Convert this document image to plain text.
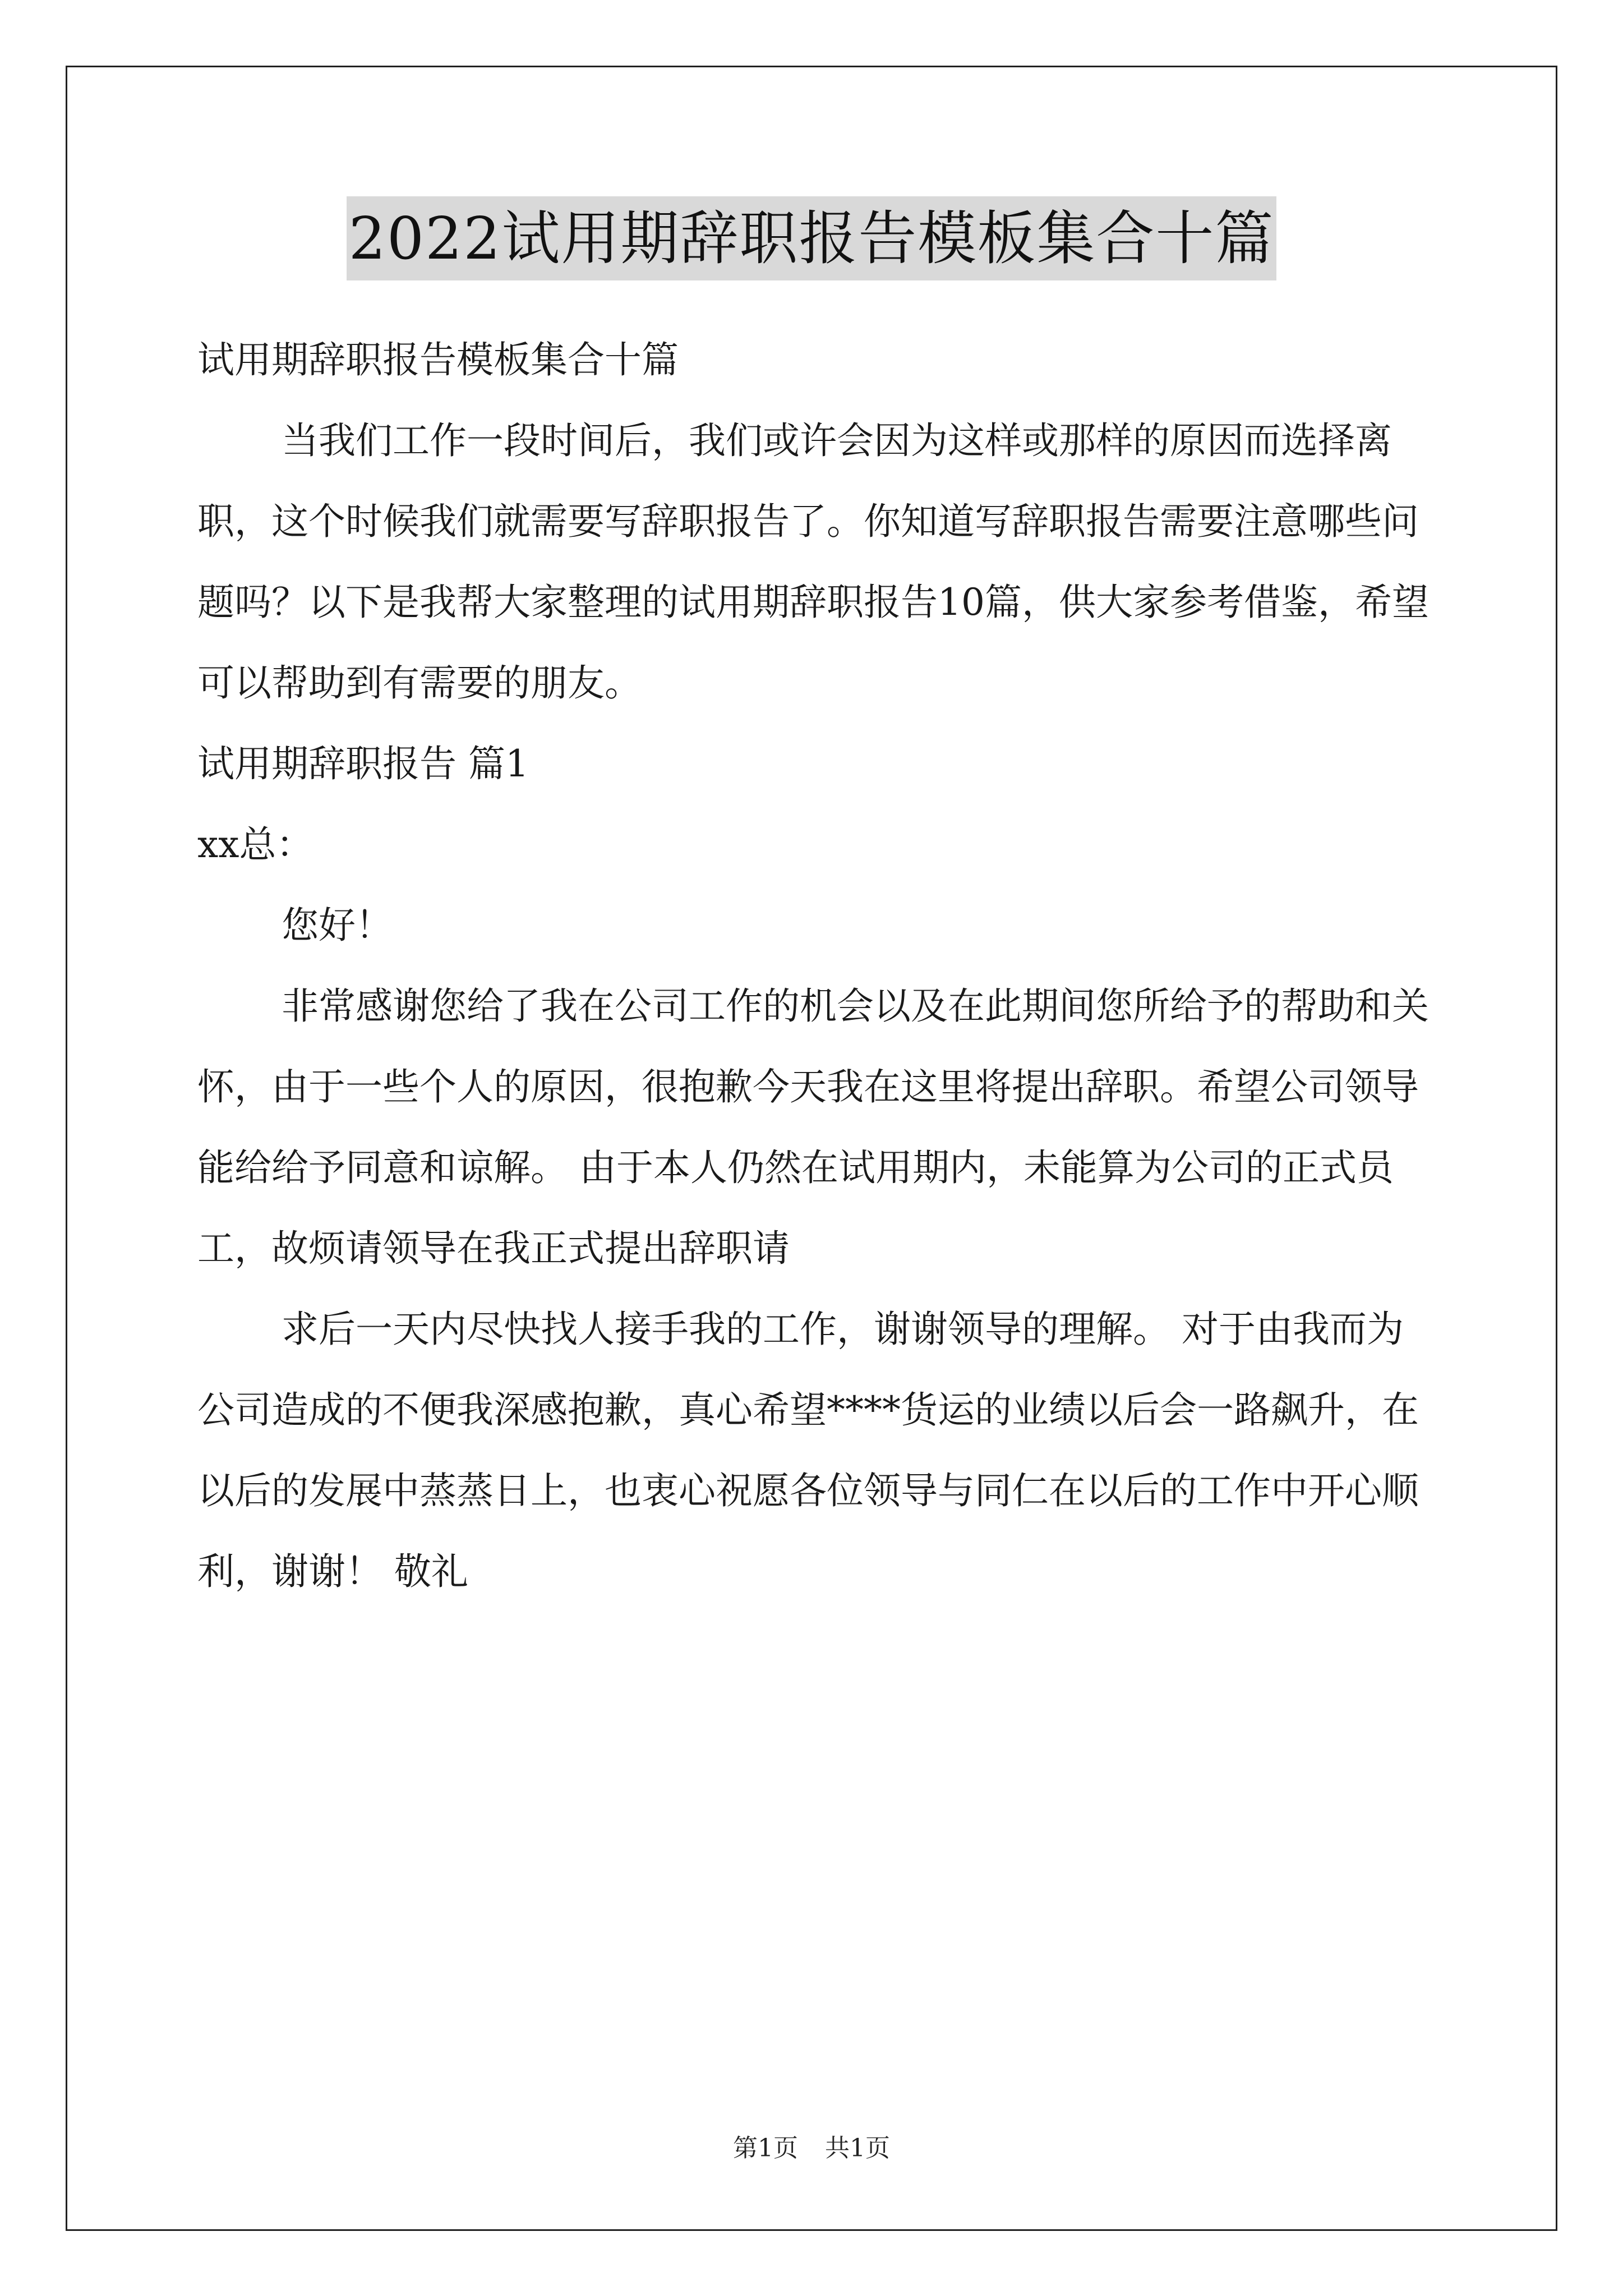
2022试用期辞职报告模板集合十篇

试用期辞职报告模板集合十篇

当我们工作一段时间后，我们或许会因为这样或那样的原因而选择离职，这个时候我们就需要写辞职报告了。你知道写辞职报告需要注意哪些问题吗？以下是我帮大家整理的试用期辞职报告10篇，供大家参考借鉴，希望可以帮助到有需要的朋友。

试用期辞职报告 篇1

xx总：

您好！

非常感谢您给了我在公司工作的机会以及在此期间您所给予的帮助和关怀，由于一些个人的原因，很抱歉今天我在这里将提出辞职。希望公司领导能给给予同意和谅解。 由于本人仍然在试用期内，未能算为公司的正式员工，故烦请领导在我正式提出辞职请

求后一天内尽快找人接手我的工作，谢谢领导的理解。 对于由我而为公司造成的不便我深感抱歉，真心希望****货运的业绩以后会一路飙升，在以后的发展中蒸蒸日上，也衷心祝愿各位领导与同仁在以后的工作中开心顺利，谢谢！ 敬礼

第1页 共1页
